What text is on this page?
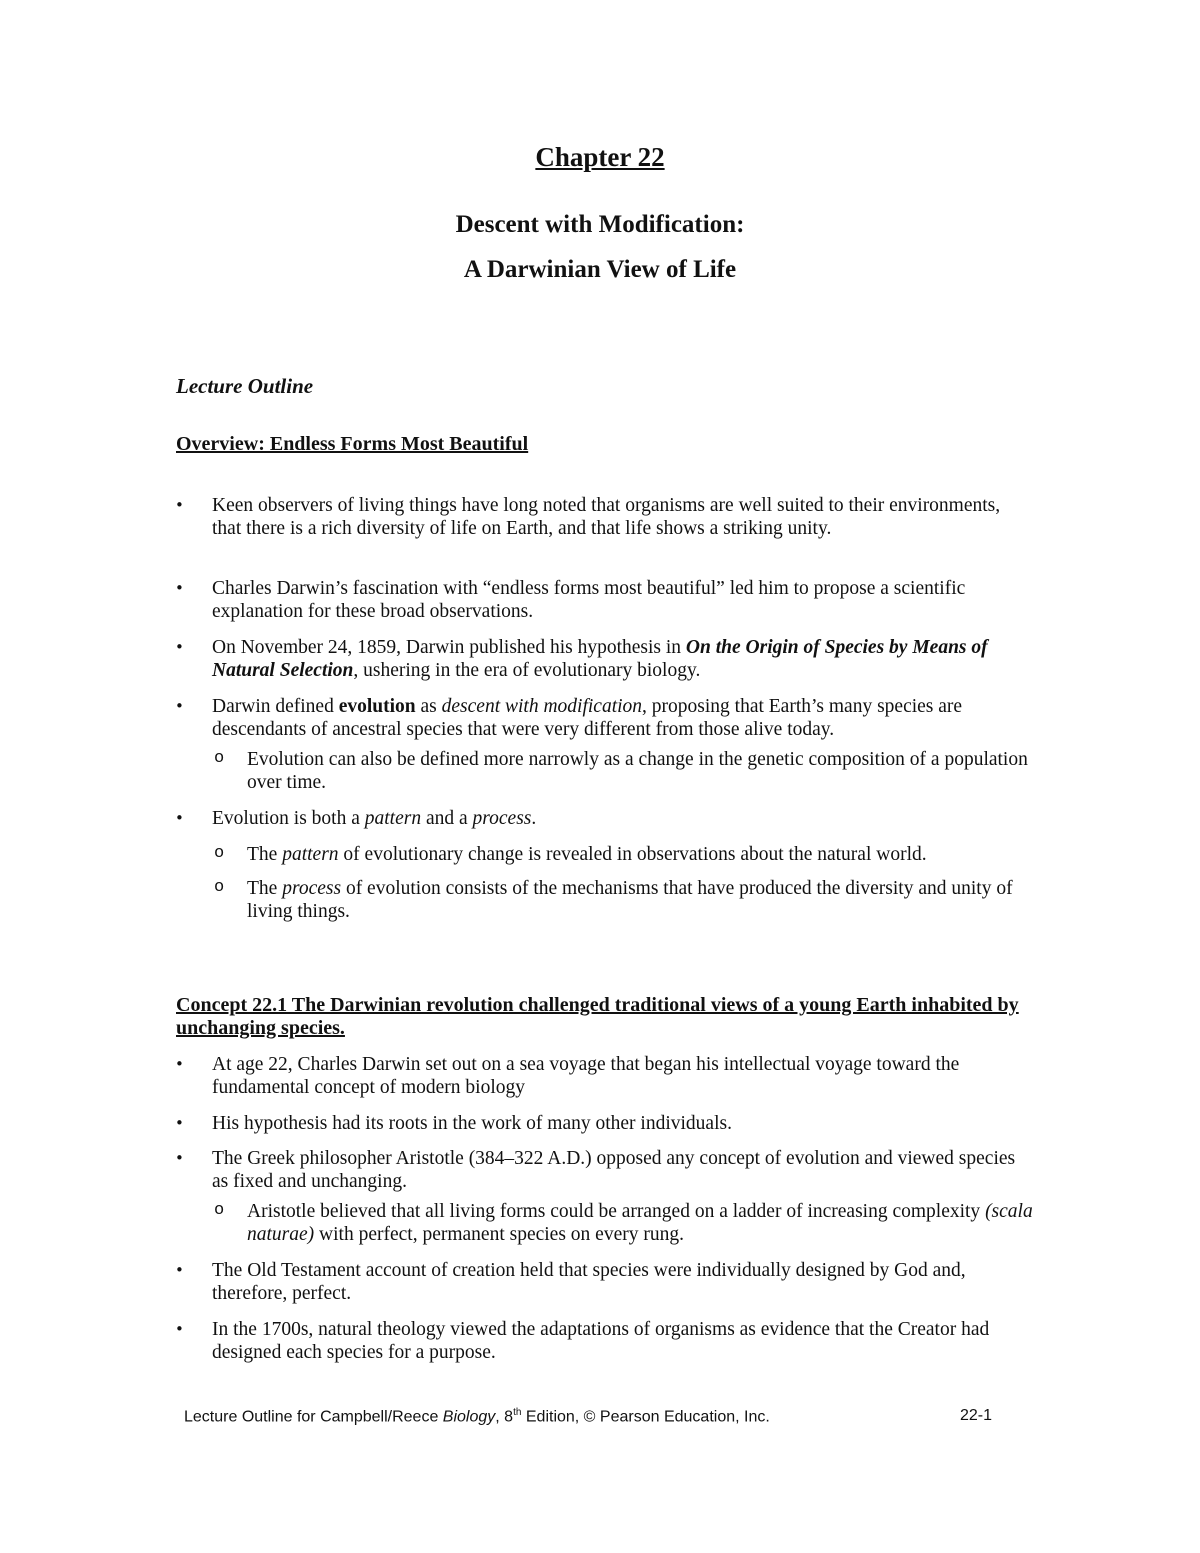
Chapter 22
Descent with Modification:
A Darwinian View of Life
Lecture Outline
Overview: Endless Forms Most Beautiful
• Keen observers of living things have long noted that organisms are well suited to their environments, that there is a rich diversity of life on Earth, and that life shows a striking unity.
• Charles Darwin’s fascination with “endless forms most beautiful” led him to propose a scientific explanation for these broad observations.
• On November 24, 1859, Darwin published his hypothesis in On the Origin of Species by Means of Natural Selection, ushering in the era of evolutionary biology.
• Darwin defined evolution as descent with modification, proposing that Earth’s many species are descendants of ancestral species that were very different from those alive today.
o Evolution can also be defined more narrowly as a change in the genetic composition of a population over time.
• Evolution is both a pattern and a process.
o The pattern of evolutionary change is revealed in observations about the natural world.
o The process of evolution consists of the mechanisms that have produced the diversity and unity of living things.
Concept 22.1 The Darwinian revolution challenged traditional views of a young Earth inhabited by unchanging species.
• At age 22, Charles Darwin set out on a sea voyage that began his intellectual voyage toward the fundamental concept of modern biology
• His hypothesis had its roots in the work of many other individuals.
• The Greek philosopher Aristotle (384–322 A.D.) opposed any concept of evolution and viewed species as fixed and unchanging.
o Aristotle believed that all living forms could be arranged on a ladder of increasing complexity (scala naturae) with perfect, permanent species on every rung.
• The Old Testament account of creation held that species were individually designed by God and, therefore, perfect.
• In the 1700s, natural theology viewed the adaptations of organisms as evidence that the Creator had designed each species for a purpose.
Lecture Outline for Campbell/Reece Biology, 8th Edition, © Pearson Education, Inc.	22-1
